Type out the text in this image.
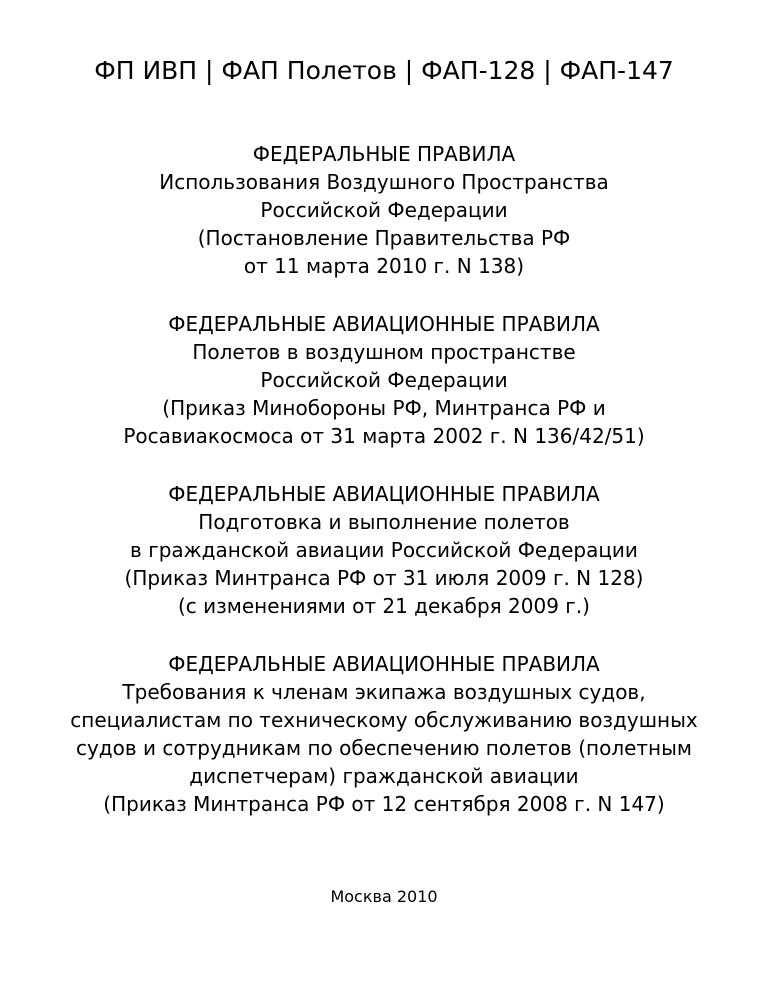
ФП ИВП | ФАП Полетов | ФАП-128 | ФАП-147
ФЕДЕРАЛЬНЫЕ ПРАВИЛА
Использования Воздушного Пространства
Российской Федерации
(Постановление Правительства РФ
от 11 марта 2010 г. N 138)
ФЕДЕРАЛЬНЫЕ АВИАЦИОННЫЕ ПРАВИЛА
Полетов в воздушном пространстве
Российской Федерации
(Приказ Минобороны РФ, Минтранса РФ и
Росавиакосмоса от 31 марта 2002 г. N 136/42/51)
ФЕДЕРАЛЬНЫЕ АВИАЦИОННЫЕ ПРАВИЛА
Подготовка и выполнение полетов
в гражданской авиации Российской Федерации
(Приказ Минтранса РФ от 31 июля 2009 г. N 128)
(с изменениями от 21 декабря 2009 г.)
ФЕДЕРАЛЬНЫЕ АВИАЦИОННЫЕ ПРАВИЛА
Требования к членам экипажа воздушных судов,
специалистам по техническому обслуживанию воздушных
судов и сотрудникам по обеспечению полетов (полетным
диспетчерам) гражданской авиации
(Приказ Минтранса РФ от 12 сентября 2008 г. N 147)
Москва 2010
